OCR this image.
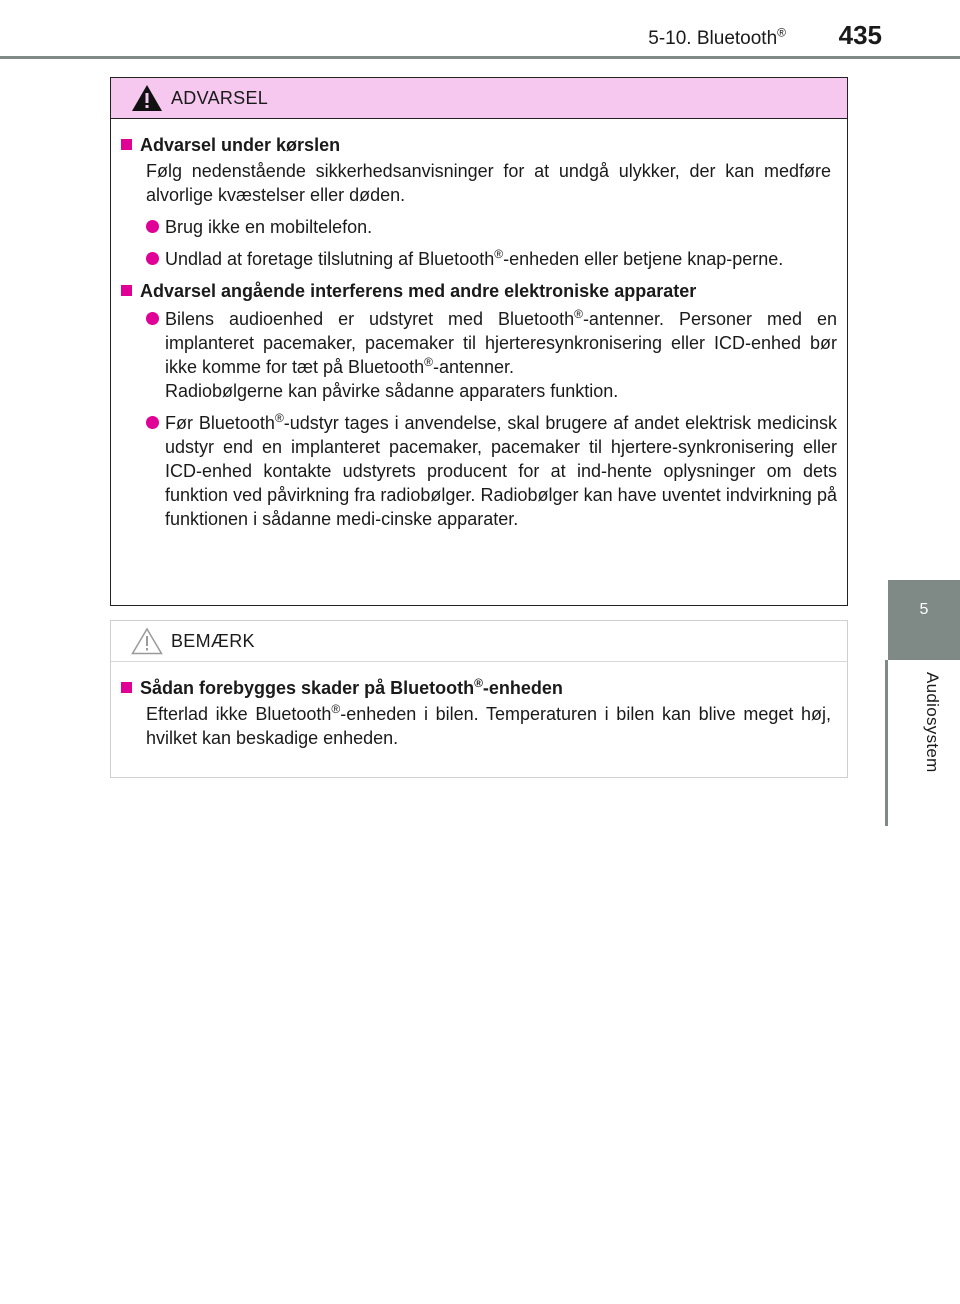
5-10. Bluetooth® 435
5
Audiosystem
ADVARSEL
Advarsel under kørslen
Følg nedenstående sikkerhedsanvisninger for at undgå ulykker, der kan medføre alvorlige kvæstelser eller døden.
Brug ikke en mobiltelefon.
Undlad at foretage tilslutning af Bluetooth®-enheden eller betjene knap-perne.
Advarsel angående interferens med andre elektroniske apparater
Bilens audioenhed er udstyret med Bluetooth®-antenner. Personer med en implanteret pacemaker, pacemaker til hjerteresynkronisering eller ICD-enhed bør ikke komme for tæt på Bluetooth®-antenner.
Radiobølgerne kan påvirke sådanne apparaters funktion.
Før Bluetooth®-udstyr tages i anvendelse, skal brugere af andet elektrisk medicinsk udstyr end en implanteret pacemaker, pacemaker til hjertere-synkronisering eller ICD-enhed kontakte udstyrets producent for at ind-hente oplysninger om dets funktion ved påvirkning fra radiobølger. Radiobølger kan have uventet indvirkning på funktionen i sådanne medi-cinske apparater.
BEMÆRK
Sådan forebygges skader på Bluetooth®-enheden
Efterlad ikke Bluetooth®-enheden i bilen. Temperaturen i bilen kan blive meget høj, hvilket kan beskadige enheden.
